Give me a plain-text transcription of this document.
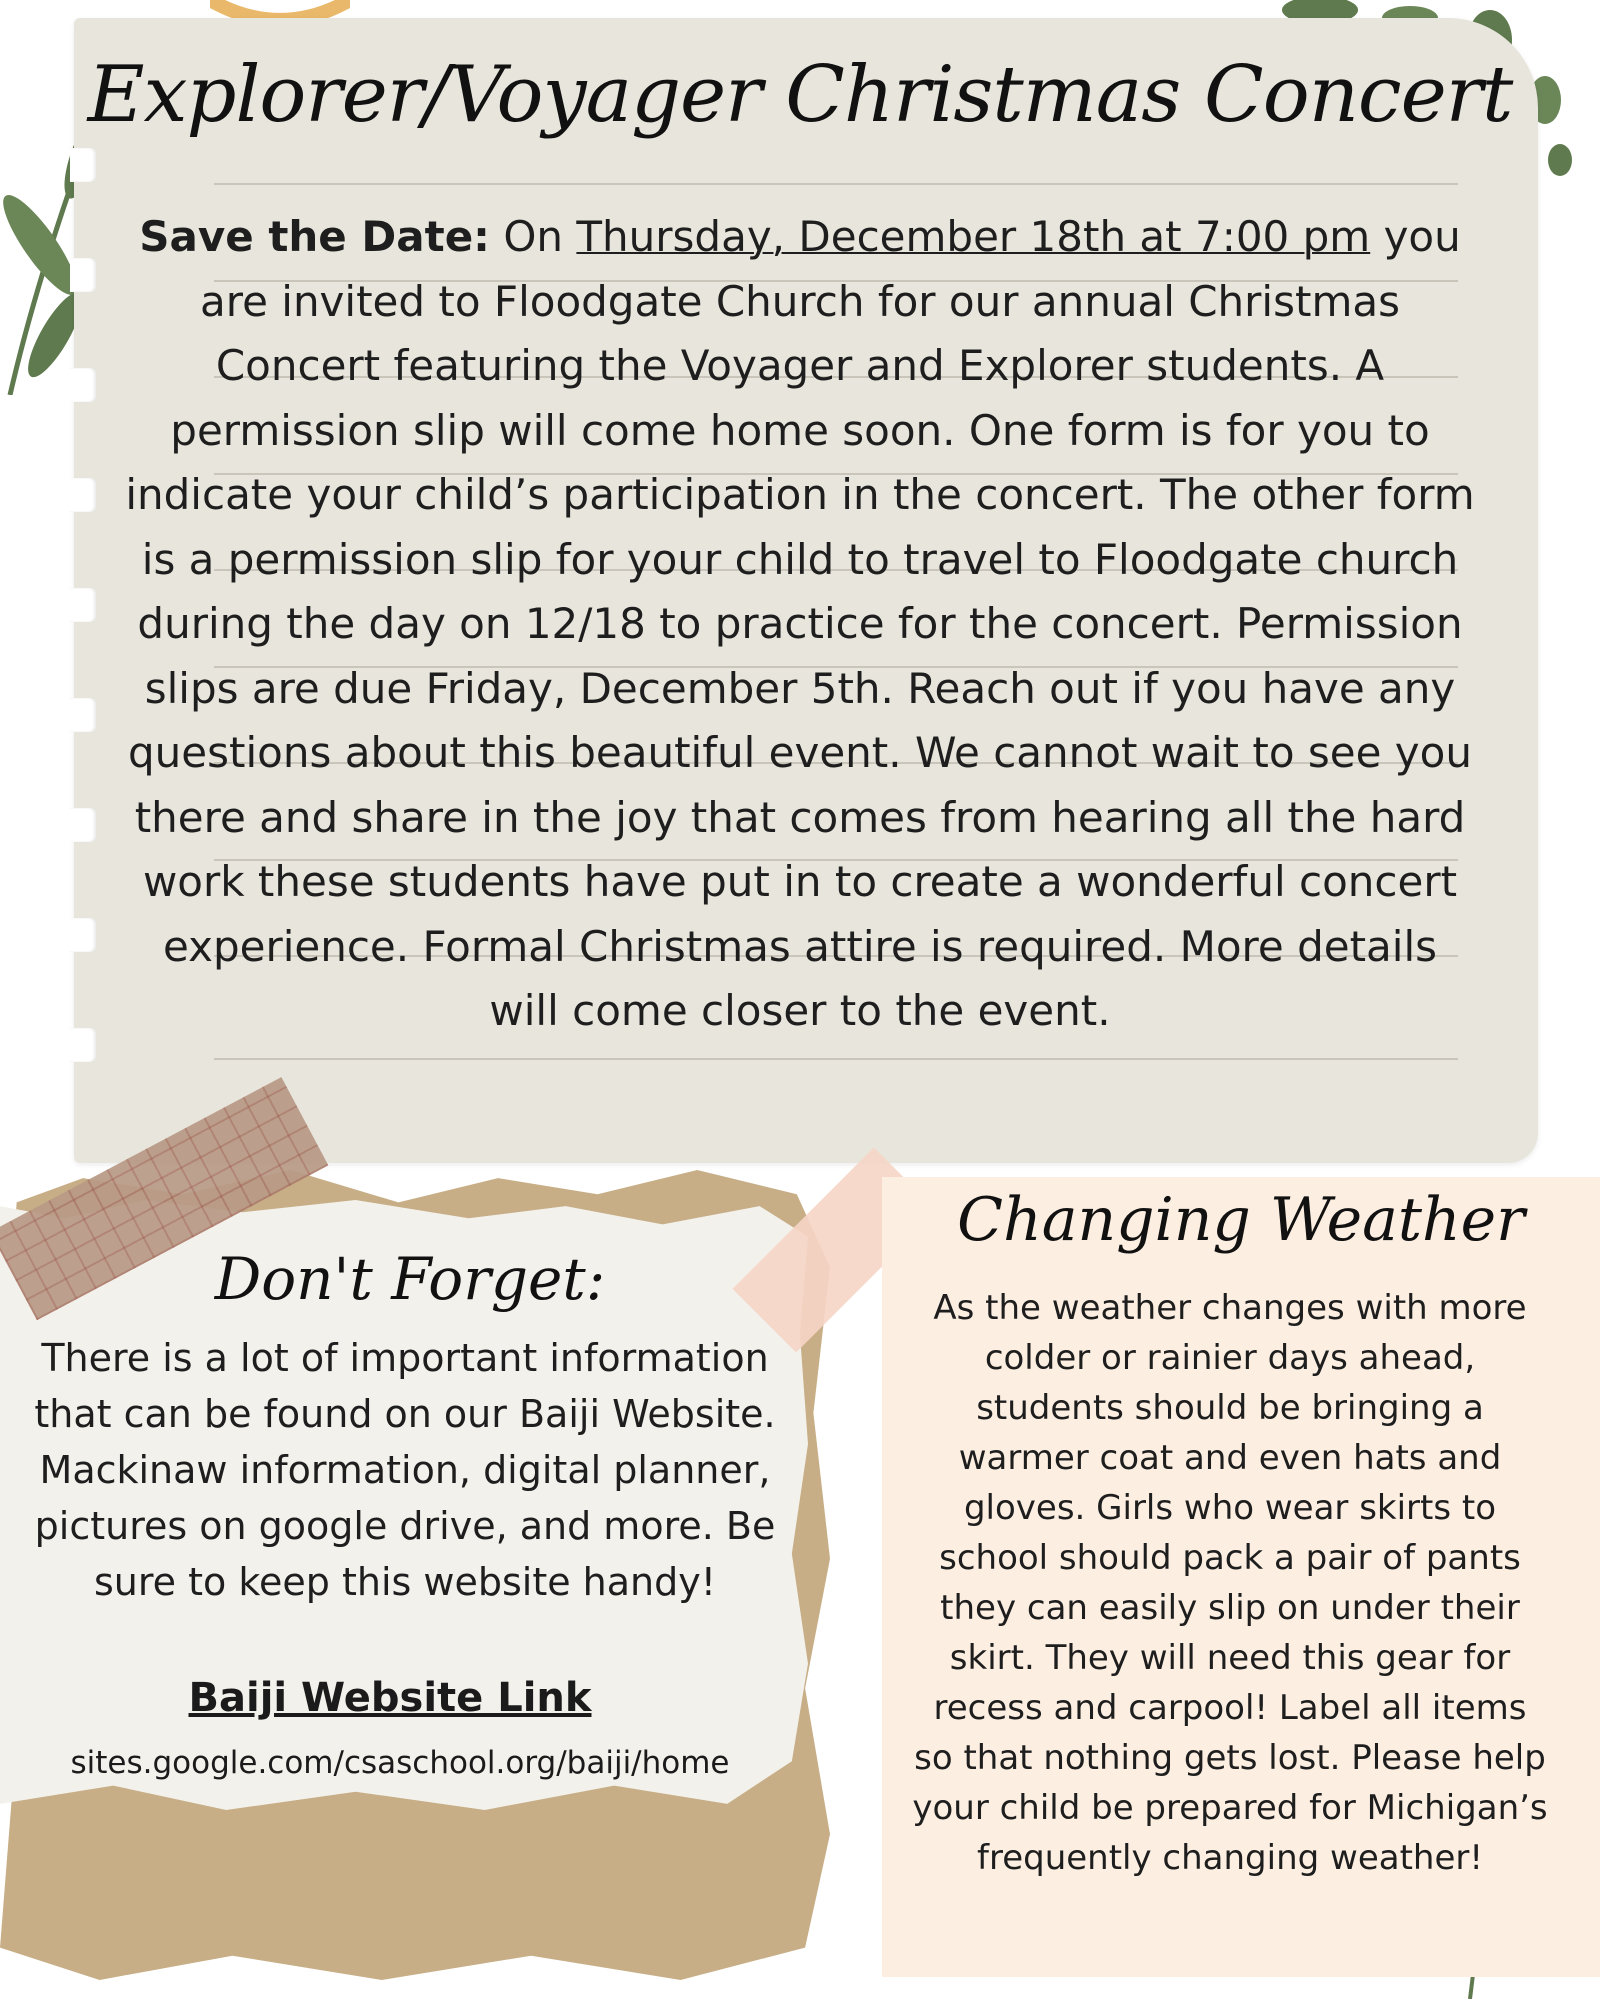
Explorer/Voyager Christmas Concert
Save the Date: On Thursday, December 18th at 7:00 pm you are invited to Floodgate Church for our annual Christmas Concert featuring the Voyager and Explorer students. A permission slip will come home soon. One form is for you to indicate your child’s participation in the concert. The other form is a permission slip for your child to travel to Floodgate church during the day on 12/18 to practice for the concert. Permission slips are due Friday, December 5th. Reach out if you have any questions about this beautiful event. We cannot wait to see you there and share in the joy that comes from hearing all the hard work these students have put in to create a wonderful concert experience. Formal Christmas attire is required. More details will come closer to the event.
Don't Forget:
There is a lot of important information that can be found on our Baiji Website. Mackinaw information, digital planner, pictures on google drive, and more. Be sure to keep this website handy!
Baiji Website Link
sites.google.com/csaschool.org/baiji/home
Changing Weather
As the weather changes with more colder or rainier days ahead, students should be bringing a warmer coat and even hats and gloves. Girls who wear skirts to school should pack a pair of pants they can easily slip on under their skirt. They will need this gear for recess and carpool! Label all items so that nothing gets lost. Please help your child be prepared for Michigan’s frequently changing weather!
